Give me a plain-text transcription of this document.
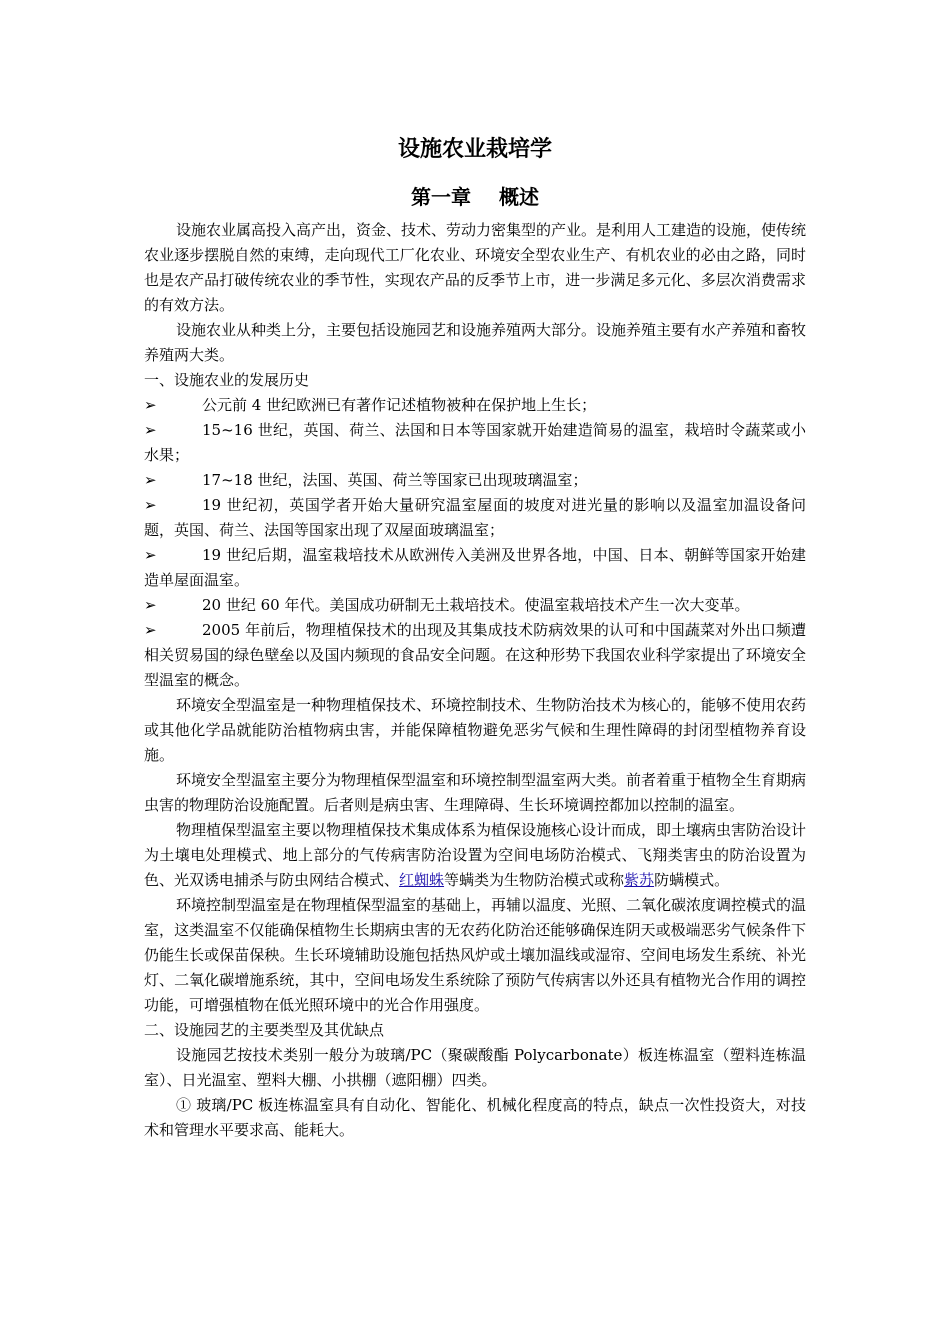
设施农业栽培学
第一章 概述

设施农业属高投入高产出，资金、技术、劳动力密集型的产业。是利用人工建造的设施，使传统农业逐步摆脱自然的束缚，走向现代工厂化农业、环境安全型农业生产、有机农业的必由之路，同时也是农产品打破传统农业的季节性，实现农产品的反季节上市，进一步满足多元化、多层次消费需求的有效方法。

设施农业从种类上分，主要包括设施园艺和设施养殖两大部分。设施养殖主要有水产养殖和畜牧养殖两大类。

一、设施农业的发展历史

➢	公元前 4 世纪欧洲已有著作记述植物被种在保护地上生长；

➢	15~16 世纪，英国、荷兰、法国和日本等国家就开始建造简易的温室，栽培时令蔬菜或小水果；

➢	17~18 世纪，法国、英国、荷兰等国家已出现玻璃温室；

➢	19 世纪初，英国学者开始大量研究温室屋面的坡度对进光量的影响以及温室加温设备问题，英国、荷兰、法国等国家出现了双屋面玻璃温室；

➢	19 世纪后期，温室栽培技术从欧洲传入美洲及世界各地，中国、日本、朝鲜等国家开始建造单屋面温室。

➢	20 世纪 60 年代。美国成功研制无土栽培技术。使温室栽培技术产生一次大变革。

➢	2005 年前后，物理植保技术的出现及其集成技术防病效果的认可和中国蔬菜对外出口频遭相关贸易国的绿色壁垒以及国内频现的食品安全问题。在这种形势下我国农业科学家提出了环境安全型温室的概念。

环境安全型温室是一种物理植保技术、环境控制技术、生物防治技术为核心的，能够不使用农药或其他化学品就能防治植物病虫害，并能保障植物避免恶劣气候和生理性障碍的封闭型植物养育设施。

环境安全型温室主要分为物理植保型温室和环境控制型温室两大类。前者着重于植物全生育期病虫害的物理防治设施配置。后者则是病虫害、生理障碍、生长环境调控都加以控制的温室。

物理植保型温室主要以物理植保技术集成体系为植保设施核心设计而成，即土壤病虫害防治设计为土壤电处理模式、地上部分的气传病害防治设置为空间电场防治模式、飞翔类害虫的防治设置为色、光双诱电捕杀与防虫网结合模式、红蜘蛛等螨类为生物防治模式或称紫苏防螨模式。

环境控制型温室是在物理植保型温室的基础上，再辅以温度、光照、二氧化碳浓度调控模式的温室，这类温室不仅能确保植物生长期病虫害的无农药化防治还能够确保连阴天或极端恶劣气候条件下仍能生长或保苗保秧。生长环境辅助设施包括热风炉或土壤加温线或湿帘、空间电场发生系统、补光灯、二氧化碳增施系统，其中，空间电场发生系统除了预防气传病害以外还具有植物光合作用的调控功能，可增强植物在低光照环境中的光合作用强度。

二、设施园艺的主要类型及其优缺点

设施园艺按技术类别一般分为玻璃/PC（聚碳酸酯 Polycarbonate）板连栋温室（塑料连栋温室）、日光温室、塑料大棚、小拱棚（遮阳棚）四类。

① 玻璃/PC 板连栋温室具有自动化、智能化、机械化程度高的特点，缺点一次性投资大，对技术和管理水平要求高、能耗大。
